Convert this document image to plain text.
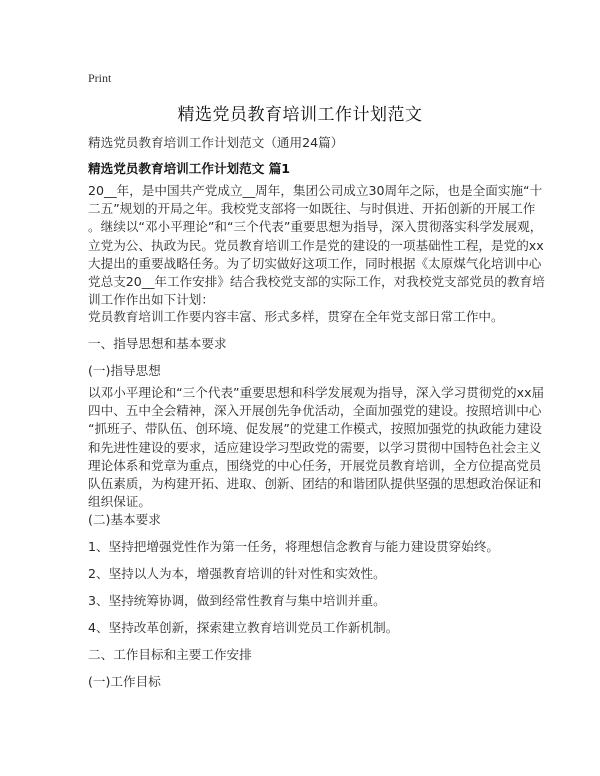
Print
精选党员教育培训工作计划范文
精选党员教育培训工作计划范文（通用24篇）
精选党员教育培训工作计划范文 篇1
20__年，是中国共产党成立__周年，集团公司成立30周年之际，也是全面实施“十
二五”规划的开局之年。我校党支部将一如既往、与时俱进、开拓创新的开展工作
。继续以“邓小平理论”和“三个代表”重要思想为指导，深入贯彻落实科学发展观，
立党为公、执政为民。党员教育培训工作是党的建设的一项基础性工程，是党的xx
大提出的重要战略任务。为了切实做好这项工作，同时根据《太原煤气化培训中心
党总支20__年工作安排》结合我校党支部的实际工作，对我校党支部党员的教育培
训工作作出如下计划：
党员教育培训工作要内容丰富、形式多样，贯穿在全年党支部日常工作中。
一、指导思想和基本要求
(一)指导思想
以邓小平理论和“三个代表”重要思想和科学发展观为指导，深入学习贯彻党的xx届
四中、五中全会精神，深入开展创先争优活动，全面加强党的建设。按照培训中心
“抓班子、带队伍、创环境、促发展”的党建工作模式，按照加强党的执政能力建设
和先进性建设的要求，适应建设学习型政党的需要，以学习贯彻中国特色社会主义
理论体系和党章为重点，围绕党的中心任务，开展党员教育培训，全方位提高党员
队伍素质，为构建开拓、进取、创新、团结的和谐团队提供坚强的思想政治保证和
组织保证。
(二)基本要求
1、坚持把增强党性作为第一任务，将理想信念教育与能力建设贯穿始终。
2、坚持以人为本，增强教育培训的针对性和实效性。
3、坚持统筹协调，做到经常性教育与集中培训并重。
4、坚持改革创新，探索建立教育培训党员工作新机制。
二、工作目标和主要工作安排
(一)工作目标
